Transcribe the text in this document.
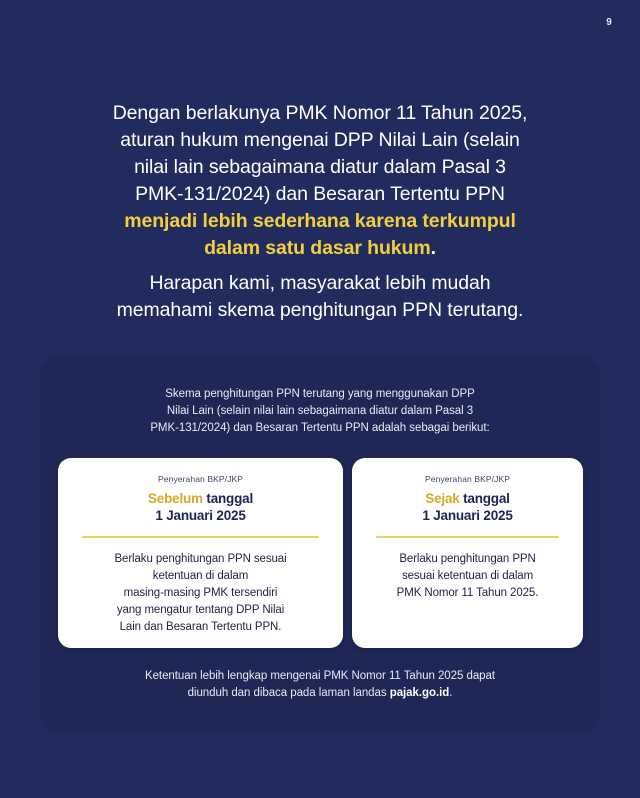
9
Dengan berlakunya PMK Nomor 11 Tahun 2025,
aturan hukum mengenai DPP Nilai Lain (selain
nilai lain sebagaimana diatur dalam Pasal 3
PMK-131/2024) dan Besaran Tertentu PPN
menjadi lebih sederhana karena terkumpul
dalam satu dasar hukum.
Harapan kami, masyarakat lebih mudah
memahami skema penghitungan PPN terutang.
Skema penghitungan PPN terutang yang menggunakan DPP
Nilai Lain (selain nilai lain sebagaimana diatur dalam Pasal 3
PMK-131/2024) dan Besaran Tertentu PPN adalah sebagai berikut:
Penyerahan BKP/JKP
Sebelum tanggal
1 Januari 2025
Berlaku penghitungan PPN sesuai
ketentuan di dalam
masing-masing PMK tersendiri
yang mengatur tentang DPP Nilai
Lain dan Besaran Tertentu PPN.
Penyerahan BKP/JKP
Sejak tanggal
1 Januari 2025
Berlaku penghitungan PPN
sesuai ketentuan di dalam
PMK Nomor 11 Tahun 2025.
Ketentuan lebih lengkap mengenai PMK Nomor 11 Tahun 2025 dapat
diunduh dan dibaca pada laman landas pajak.go.id.
